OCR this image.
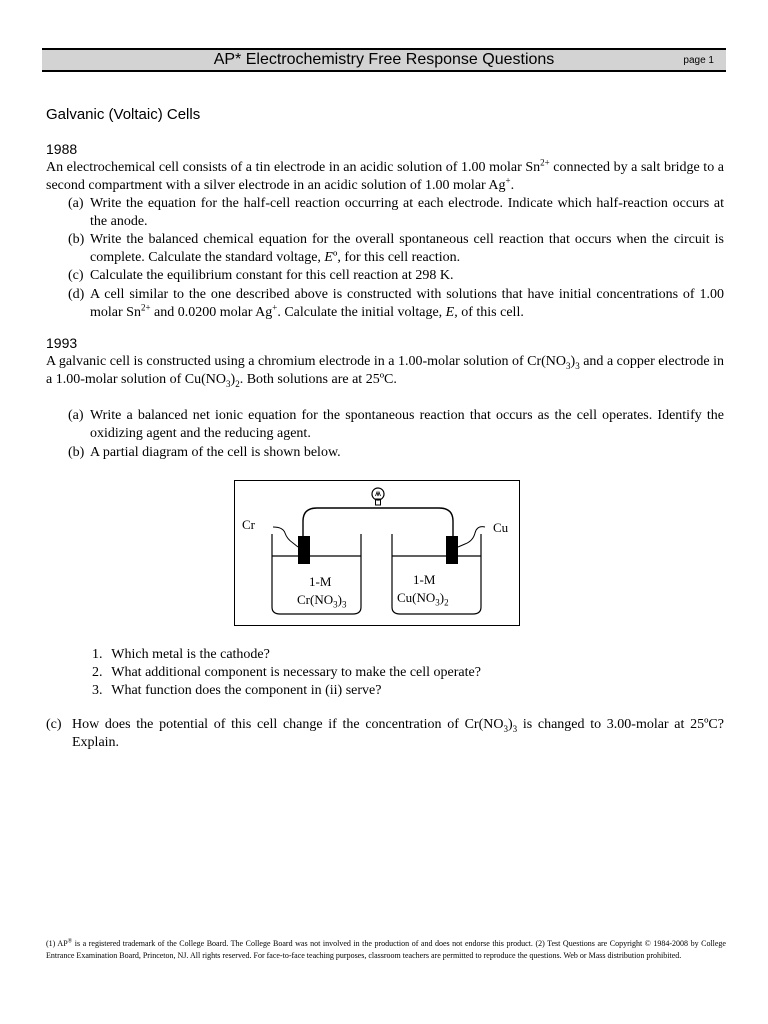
AP* Electrochemistry Free Response Questions	page 1
Galvanic (Voltaic) Cells
1988
An electrochemical cell consists of a tin electrode in an acidic solution of 1.00 molar $Sn^{2+}$ connected by a salt bridge to a second compartment with a silver electrode in an acidic solution of 1.00 molar Ag+.
(a) Write the equation for the half-cell reaction occurring at each electrode. Indicate which half-reaction occurs at the anode.
(b) Write the balanced chemical equation for the overall spontaneous cell reaction that occurs when the circuit is complete. Calculate the standard voltage, Eº, for this cell reaction.
(c) Calculate the equilibrium constant for this cell reaction at 298 K.
(d) A cell similar to the one described above is constructed with solutions that have initial concentrations of 1.00 molar $Sn^{2+}$ and 0.0200 molar Ag+. Calculate the initial voltage, E, of this cell.
1993
A galvanic cell is constructed using a chromium electrode in a 1.00-molar solution of $Cr(NO_3)_3$ and a copper electrode in a 1.00-molar solution of $Cu(NO_3)_2$. Both solutions are at 25ºC.
(a) Write a balanced net ionic equation for the spontaneous reaction that occurs as the cell operates. Identify the oxidizing agent and the reducing agent.
(b) A partial diagram of the cell is shown below.
Cr	Cu
1-M
$Cr(NO_3)_3$
1-M
$Cu(NO_3)_2$
1. Which metal is the cathode?
2. What additional component is necessary to make the cell operate?
3. What function does the component in (ii) serve?
(c) How does the potential of this cell change if the concentration of $Cr(NO_3)_3$ is changed to 3.00-molar at 25ºC? Explain.
(1) AP® is a registered trademark of the College Board. The College Board was not involved in the production of and does not endorse this product. (2) Test Questions are Copyright © 1984-2008 by College Entrance Examination Board, Princeton, NJ. All rights reserved. For face-to-face teaching purposes, classroom teachers are permitted to reproduce the questions. Web or Mass distribution prohibited.
